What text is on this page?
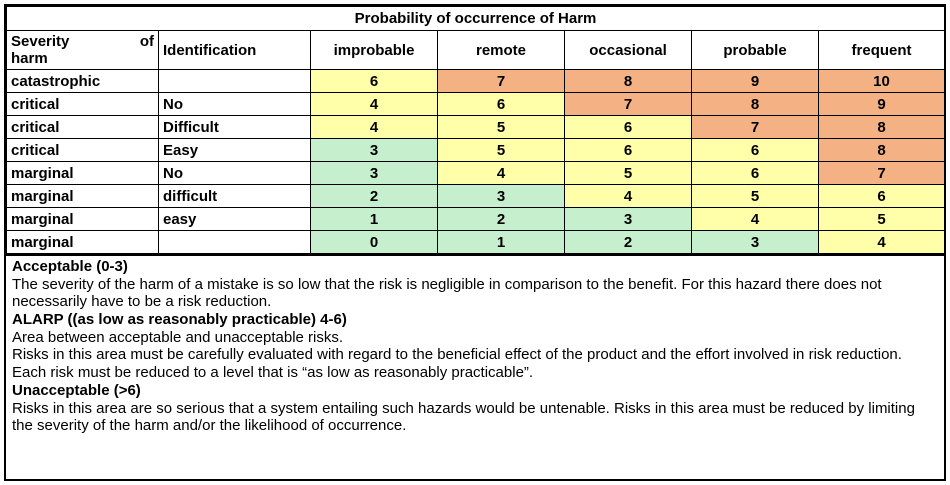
Probability of occurrence of Harm						

Severity of
harm	Identification	improbable	remote	occasional	probable	frequent
catastrophic		6	7	8	9	10
critical	No	4	6	7	8	9
critical	Difficult	4	5	6	7	8
critical	Easy	3	5	6	6	8
marginal	No	3	4	5	6	7
marginal	difficult	2	3	4	5	6
marginal	easy	1	2	3	4	5
marginal		0	1	2	3	4

Acceptable (0-3)

The severity of the harm of a mistake is so low that the risk is negligible in comparison to the benefit. For this hazard there does not necessarily have to be a risk reduction.

ALARP ((as low as reasonably practicable) 4-6)

Area between acceptable and unacceptable risks.

Risks in this area must be carefully evaluated with regard to the beneficial effect of the product and the effort involved in risk reduction. Each risk must be reduced to a level that is “as low as reasonably practicable”.

Unacceptable (>6)

Risks in this area are so serious that a system entailing such hazards would be untenable. Risks in this area must be reduced by limiting the severity of the harm and/or the likelihood of occurrence.
